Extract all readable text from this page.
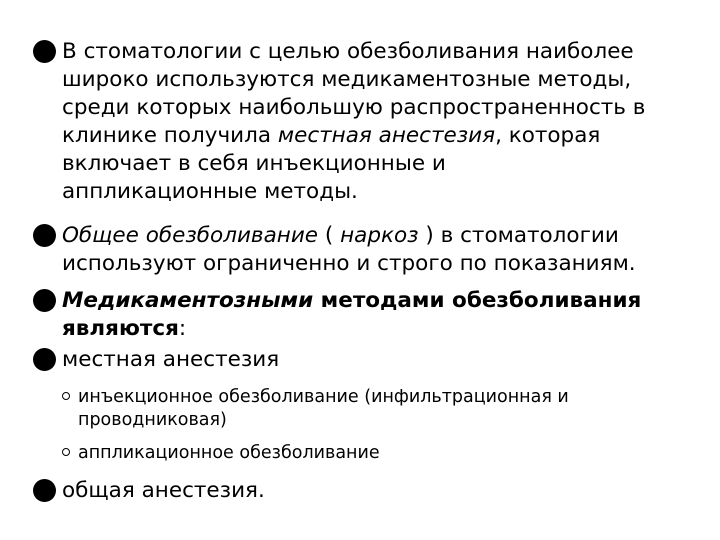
В стоматологии с целью обезболивания наиболее
широко используются медикаментозные методы,
среди которых наибольшую распространенность в
клинике получила местная анестезия, которая
включает в себя инъекционные и
аппликационные методы.
Общее обезболивание ( наркоз ) в стоматологии
используют ограниченно и строго по показаниям.
Медикаментозными методами обезболивания
являются:
местная анестезия
инъекционное обезболивание (инфильтрационная и
проводниковая)
аппликационное обезболивание
общая анестезия.
